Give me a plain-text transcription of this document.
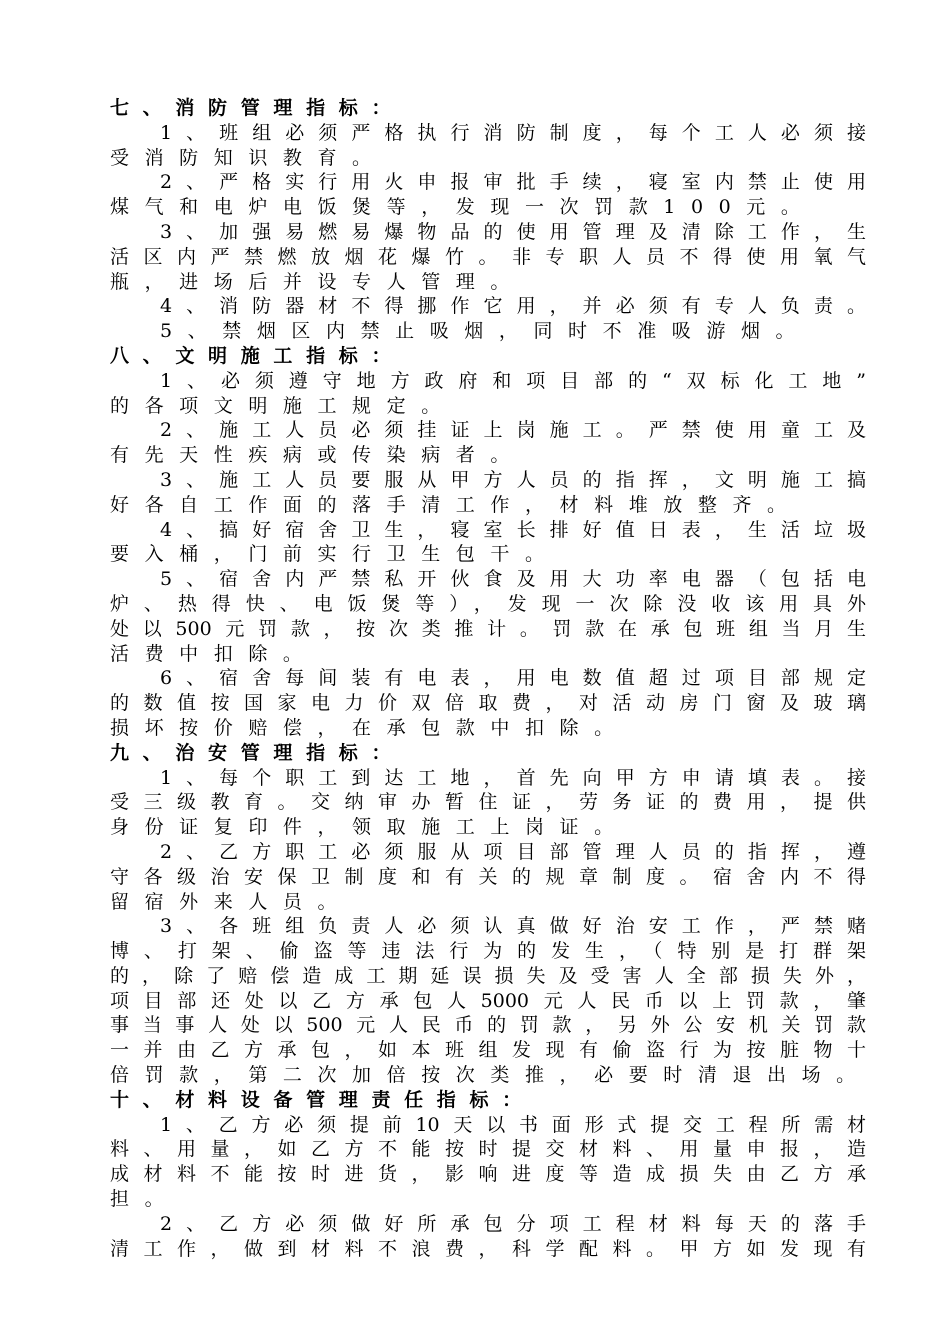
七、消防管理指标：
1、班组必须严格执行消防制度，每个工人必须接
受消防知识教育。
2、严格实行用火申报审批手续，寝室内禁止使用
煤气和电炉电饭煲等，发现一次罚款100元。
3、加强易燃易爆物品的使用管理及清除工作，生
活区内严禁燃放烟花爆竹。非专职人员不得使用氧气
瓶，进场后并设专人管理。
4、消防器材不得挪作它用，并必须有专人负责。
5、禁烟区内禁止吸烟，同时不准吸游烟。
八、文明施工指标：
1、必须遵守地方政府和项目部的“双标化工地”
的各项文明施工规定。
2、施工人员必须挂证上岗施工。严禁使用童工及
有先天性疾病或传染病者。
3、施工人员要服从甲方人员的指挥，文明施工搞
好各自工作面的落手清工作，材料堆放整齐。
4、搞好宿舍卫生，寝室长排好值日表，生活垃圾
要入桶，门前实行卫生包干。
5、宿舍内严禁私开伙食及用大功率电器（包括电
炉、热得快、电饭煲等），发现一次除没收该用具外
处以500元罚款，按次类推计。罚款在承包班组当月生
活费中扣除。
6、宿舍每间装有电表，用电数值超过项目部规定
的数值按国家电力价双倍取费，对活动房门窗及玻璃
损坏按价赔偿，在承包款中扣除。
九、治安管理指标：
1、每个职工到达工地，首先向甲方申请填表。接
受三级教育。交纳审办暂住证，劳务证的费用，提供
身份证复印件，领取施工上岗证。
2、乙方职工必须服从项目部管理人员的指挥，遵
守各级治安保卫制度和有关的规章制度。宿舍内不得
留宿外来人员。
3、各班组负责人必须认真做好治安工作，严禁赌
博、打架、偷盗等违法行为的发生，（特别是打群架
的，除了赔偿造成工期延误损失及受害人全部损失外，
项目部还处以乙方承包人5000元人民币以上罚款，肇
事当事人处以500元人民币的罚款，另外公安机关罚款
一并由乙方承包，如本班组发现有偷盗行为按脏物十
倍罚款，第二次加倍按次类推，必要时清退出场。
十、材料设备管理责任指标：
1、乙方必须提前10天以书面形式提交工程所需材
料、用量，如乙方不能按时提交材料、用量申报，造
成材料不能按时进货，影响进度等造成损失由乙方承
担。
2、乙方必须做好所承包分项工程材料每天的落手
清工作，做到材料不浪费，科学配料。甲方如发现有
